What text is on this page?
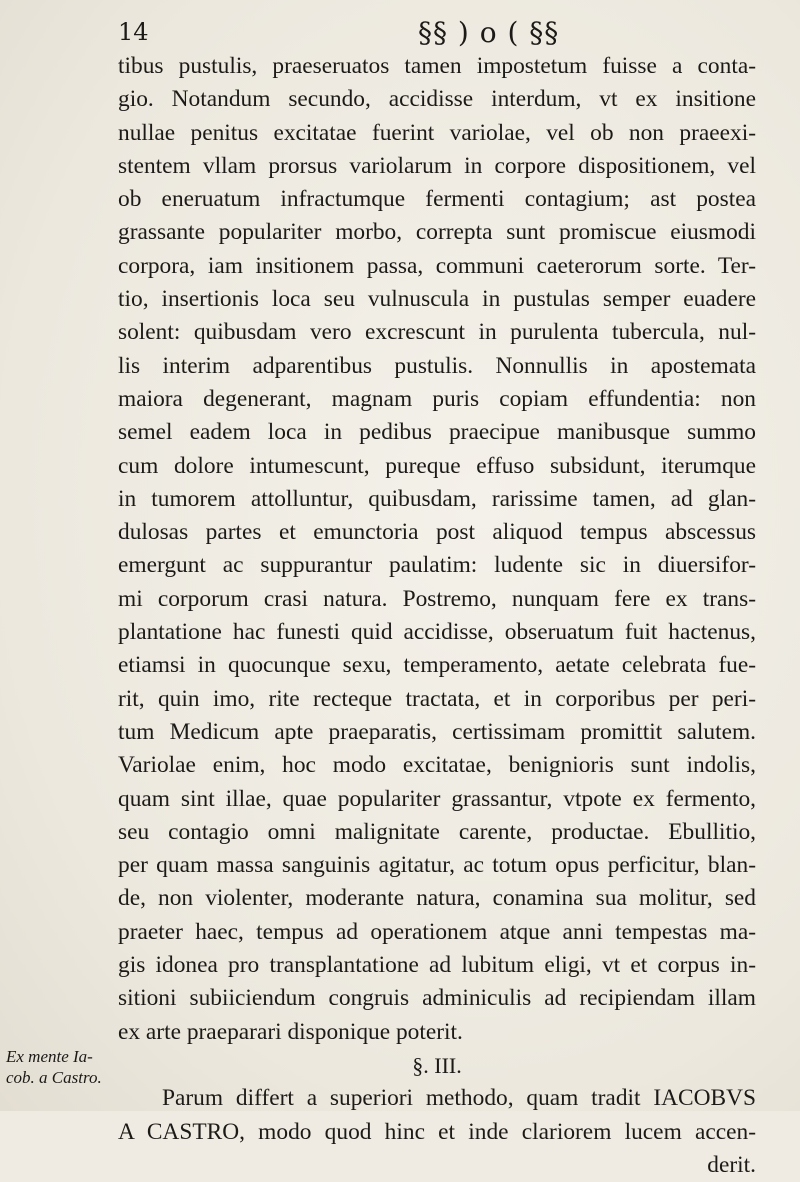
14	§§ ) o ( §§
tibus pustulis, praeseruatos tamen impostetum fuisse a conta-
gio. Notandum secundo, accidisse interdum, vt ex insitione
nullae penitus excitatae fuerint variolae, vel ob non praeexi-
stentem vllam prorsus variolarum in corpore dispositionem, vel
ob eneruatum infractumque fermenti contagium; ast postea
grassante populariter morbo, correpta sunt promiscue eiusmodi
corpora, iam insitionem passa, communi caeterorum sorte. Ter-
tio, insertionis loca seu vulnuscula in pustulas semper euadere
solent: quibusdam vero excrescunt in purulenta tubercula, nul-
lis interim adparentibus pustulis. Nonnullis in apostemata
maiora degenerant, magnam puris copiam effundentia: non
semel eadem loca in pedibus praecipue manibusque summo
cum dolore intumescunt, pureque effuso subsidunt, iterumque
in tumorem attolluntur, quibusdam, rarissime tamen, ad glan-
dulosas partes et emunctoria post aliquod tempus abscessus
emergunt ac suppurantur paulatim: ludente sic in diuersifor-
mi corporum crasi natura. Postremo, nunquam fere ex trans-
plantatione hac funesti quid accidisse, obseruatum fuit hactenus,
etiamsi in quocunque sexu, temperamento, aetate celebrata fue-
rit, quin imo, rite recteque tractata, et in corporibus per peri-
tum Medicum apte praeparatis, certissimam promittit salutem.
Variolae enim, hoc modo excitatae, benignioris sunt indolis,
quam sint illae, quae populariter grassantur, vtpote ex fermento,
seu contagio omni malignitate carente, productae. Ebullitio,
per quam massa sanguinis agitatur, ac totum opus perficitur, blan-
de, non violenter, moderante natura, conamina sua molitur, sed
praeter haec, tempus ad operationem atque anni tempestas ma-
gis idonea pro transplantatione ad lubitum eligi, vt et corpus in-
sitioni subiiciendum congruis adminiculis ad recipiendam illam
ex arte praeparari disponique poterit.
§. III.
Parum differt a superiori methodo, quam tradit IACOBVS
A CASTRO, modo quod hinc et inde clariorem lucem accen-
derit.
Ex mente Ia-
cob. a Castro.
